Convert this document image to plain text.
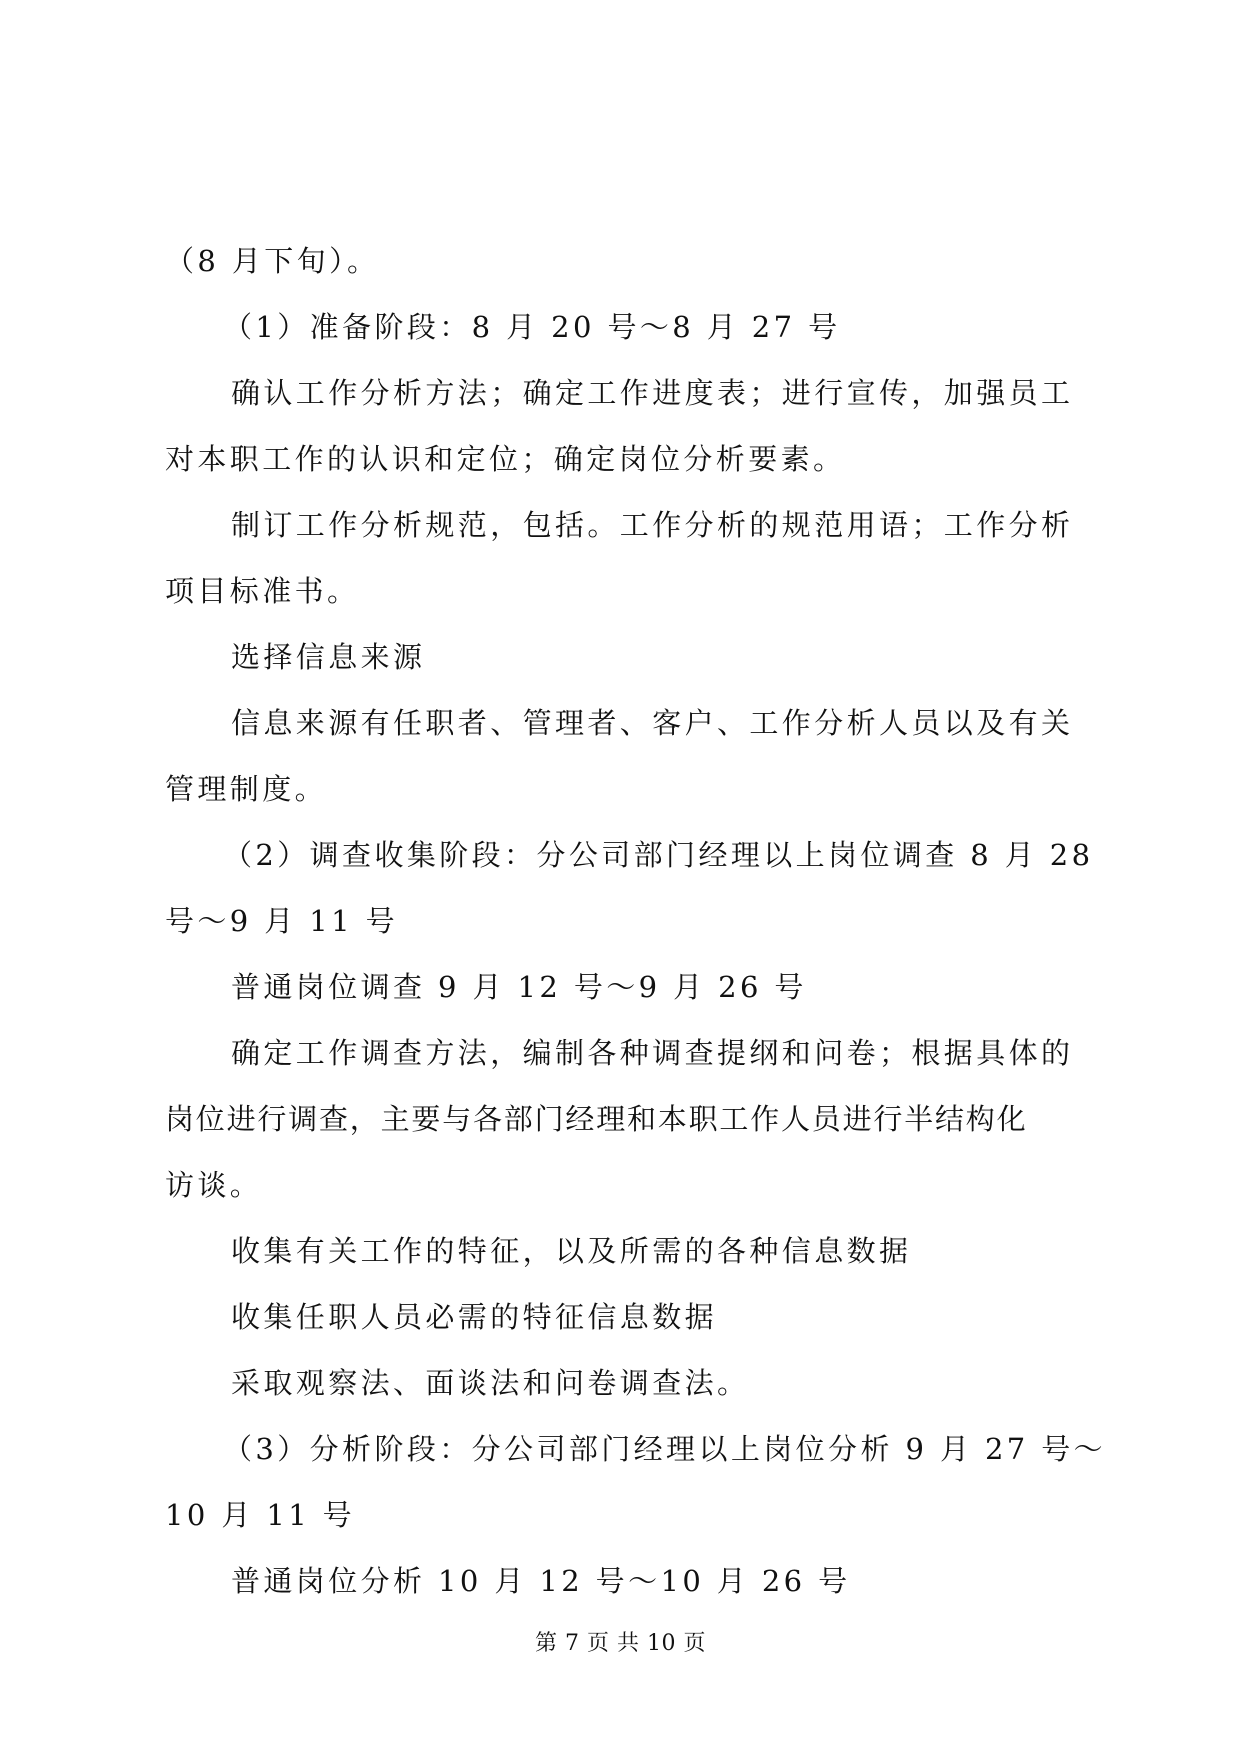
（8 月下旬）。
（1）准备阶段：8 月 20 号～8 月 27 号
确认工作分析方法；确定工作进度表；进行宣传，加强员工
对本职工作的认识和定位；确定岗位分析要素。
制订工作分析规范，包括。工作分析的规范用语；工作分析
项目标准书。
选择信息来源
信息来源有任职者、管理者、客户、工作分析人员以及有关
管理制度。
（2）调查收集阶段：分公司部门经理以上岗位调查 8 月 28
号～9 月 11 号
普通岗位调查 9 月 12 号～9 月 26 号
确定工作调查方法，编制各种调查提纲和问卷；根据具体的
岗位进行调查，主要与各部门经理和本职工作人员进行半结构化
访谈。
收集有关工作的特征，以及所需的各种信息数据
收集任职人员必需的特征信息数据
采取观察法、面谈法和问卷调查法。
（3）分析阶段：分公司部门经理以上岗位分析 9 月 27 号～
10 月 11 号
普通岗位分析 10 月 12 号～10 月 26 号
第 7 页 共 10 页
